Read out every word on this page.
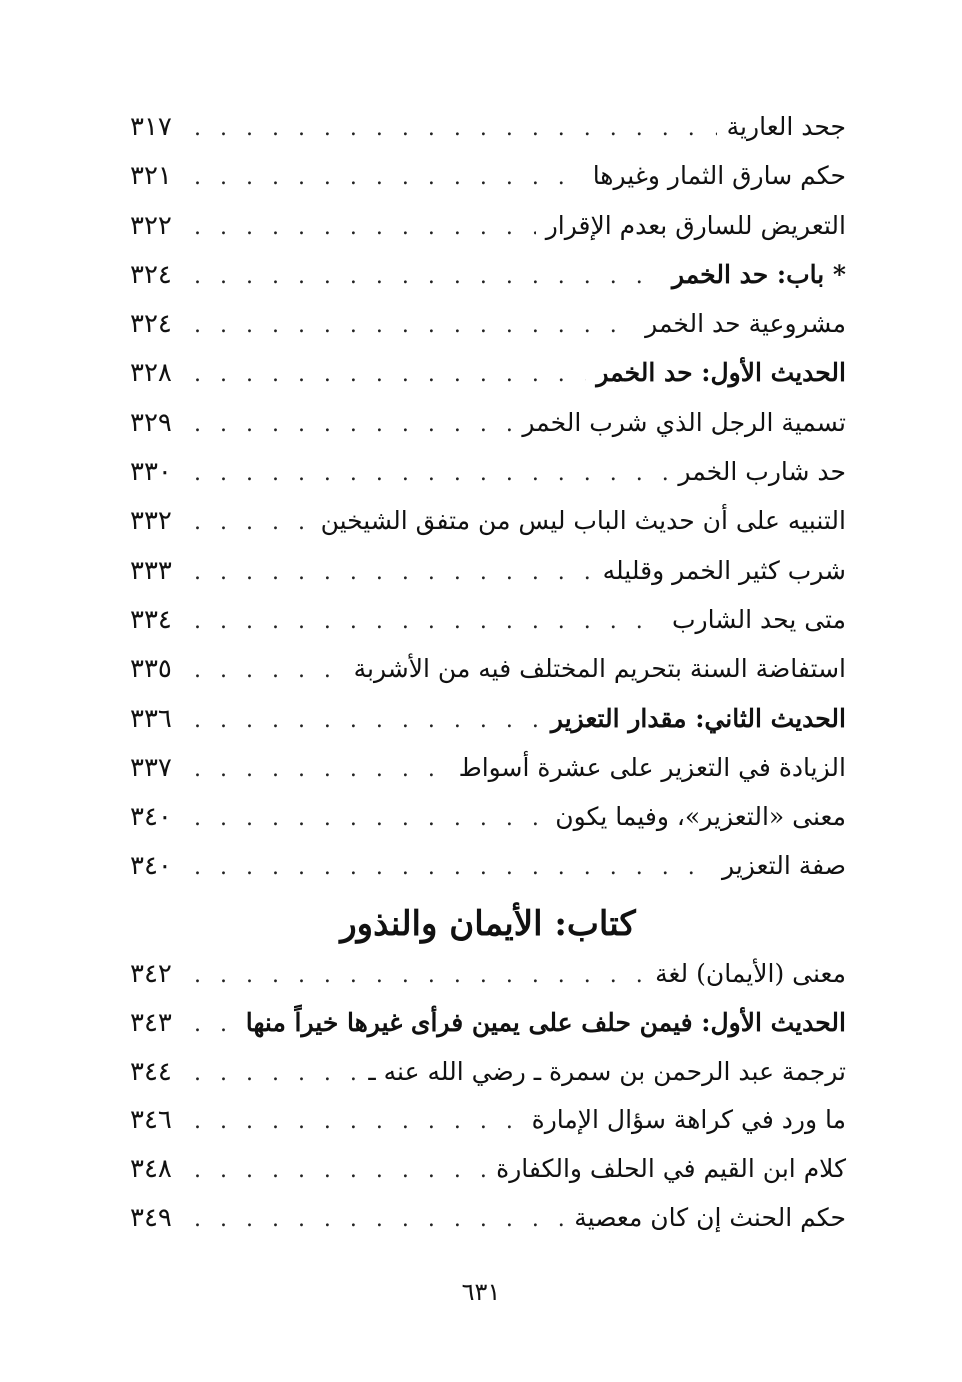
جحد العارية
. . .
٣١٧
حكم سارق الثمار وغيرها
. . .
٣٢١
التعريض للسارق بعدم الإقرار
. . .
٣٢٢
* باب: حد الخمر
. . .
٣٢٤
مشروعية حد الخمر
. . .
٣٢٤
الحديث الأول: حد الخمر
. . .
٣٢٨
تسمية الرجل الذي شرب الخمر
. . .
٣٢٩
حد شارب الخمر
. . .
٣٣٠
التنبيه على أن حديث الباب ليس من متفق الشيخين
. . .
٣٣٢
شرب كثير الخمر وقليله
. . .
٣٣٣
متى يحد الشارب
. . .
٣٣٤
استفاضة السنة بتحريم المختلف فيه من الأشربة
. . .
٣٣٥
الحديث الثاني: مقدار التعزير
. . .
٣٣٦
الزيادة في التعزير على عشرة أسواط
. . .
٣٣٧
معنى «التعزير»، وفيما يكون
. . .
٣٤٠
صفة التعزير
. . .
٣٤٠
كتاب: الأيمان والنذور
معنى (الأيمان) لغة
. . .
٣٤٢
الحديث الأول: فيمن حلف على يمين فرأى غيرها خيراً منها
. . .
٣٤٣
ترجمة عبد الرحمن بن سمرة ـ رضي الله عنه ـ
. . .
٣٤٤
ما ورد في كراهة سؤال الإمارة
. . .
٣٤٦
كلام ابن القيم في الحلف والكفارة
. . .
٣٤٨
حكم الحنث إن كان معصية
. . .
٣٤٩
٦٣١
